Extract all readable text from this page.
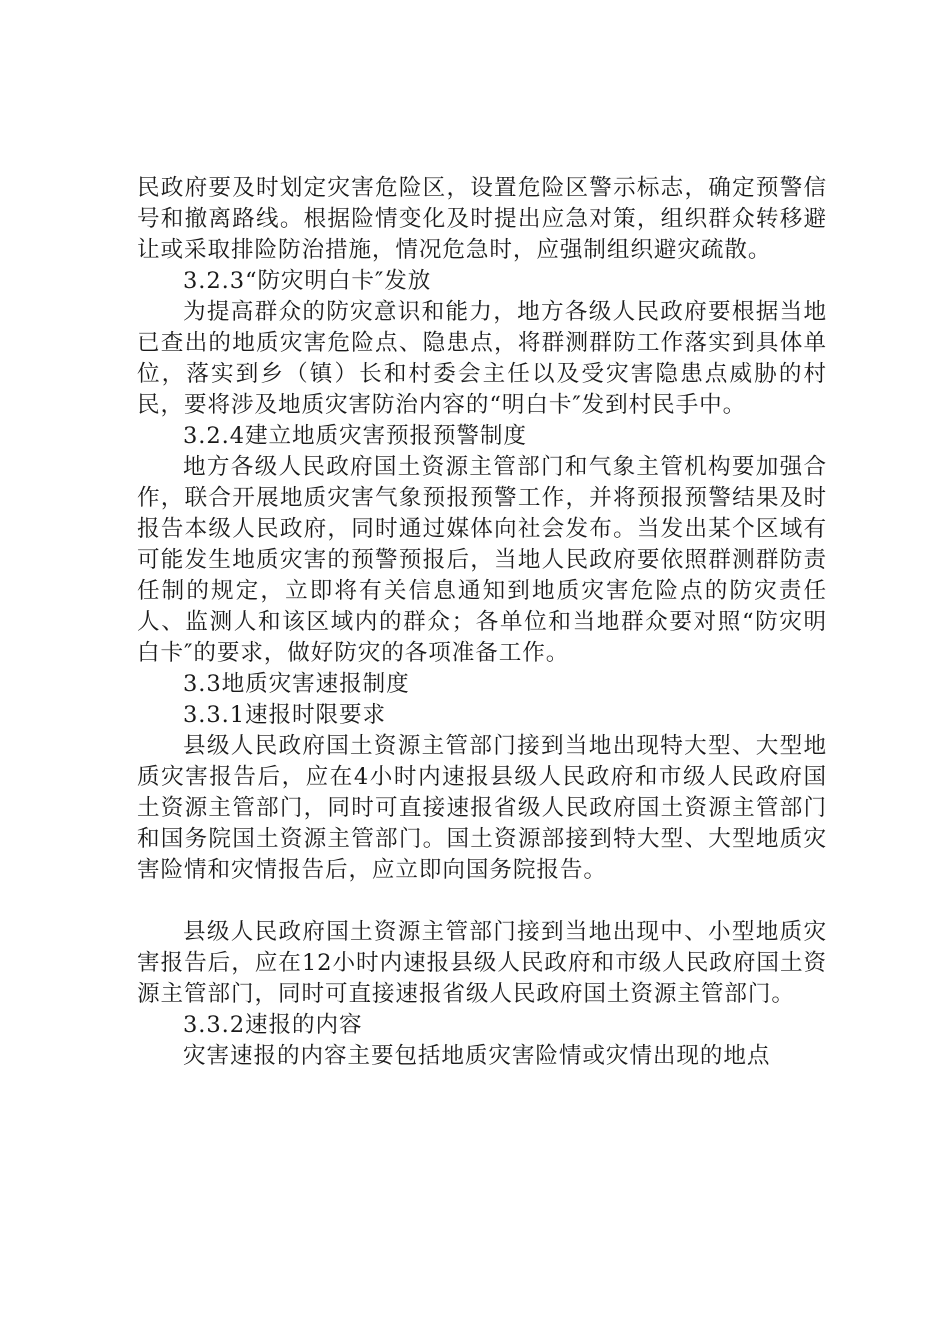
民政府要及时划定灾害危险区，设置危险区警示标志，确定预警信号和撤离路线。根据险情变化及时提出应急对策，组织群众转移避让或采取排险防治措施，情况危急时，应强制组织避灾疏散。

3.2.3“防灾明白卡″发放

为提高群众的防灾意识和能力，地方各级人民政府要根据当地已查出的地质灾害危险点、隐患点，将群测群防工作落实到具体单位，落实到乡（镇）长和村委会主任以及受灾害隐患点威胁的村民，要将涉及地质灾害防治内容的“明白卡″发到村民手中。

3.2.4建立地质灾害预报预警制度

地方各级人民政府国土资源主管部门和气象主管机构要加强合作，联合开展地质灾害气象预报预警工作，并将预报预警结果及时报告本级人民政府，同时通过媒体向社会发布。当发出某个区域有可能发生地质灾害的预警预报后，当地人民政府要依照群测群防责任制的规定，立即将有关信息通知到地质灾害危险点的防灾责任人、监测人和该区域内的群众；各单位和当地群众要对照“防灾明白卡″的要求，做好防灾的各项准备工作。

3.3地质灾害速报制度

3.3.1速报时限要求

县级人民政府国土资源主管部门接到当地出现特大型、大型地质灾害报告后，应在4小时内速报县级人民政府和市级人民政府国土资源主管部门，同时可直接速报省级人民政府国土资源主管部门和国务院国土资源主管部门。国土资源部接到特大型、大型地质灾害险情和灾情报告后，应立即向国务院报告。

县级人民政府国土资源主管部门接到当地出现中、小型地质灾害报告后，应在12小时内速报县级人民政府和市级人民政府国土资源主管部门，同时可直接速报省级人民政府国土资源主管部门。

3.3.2速报的内容

灾害速报的内容主要包括地质灾害险情或灾情出现的地点
